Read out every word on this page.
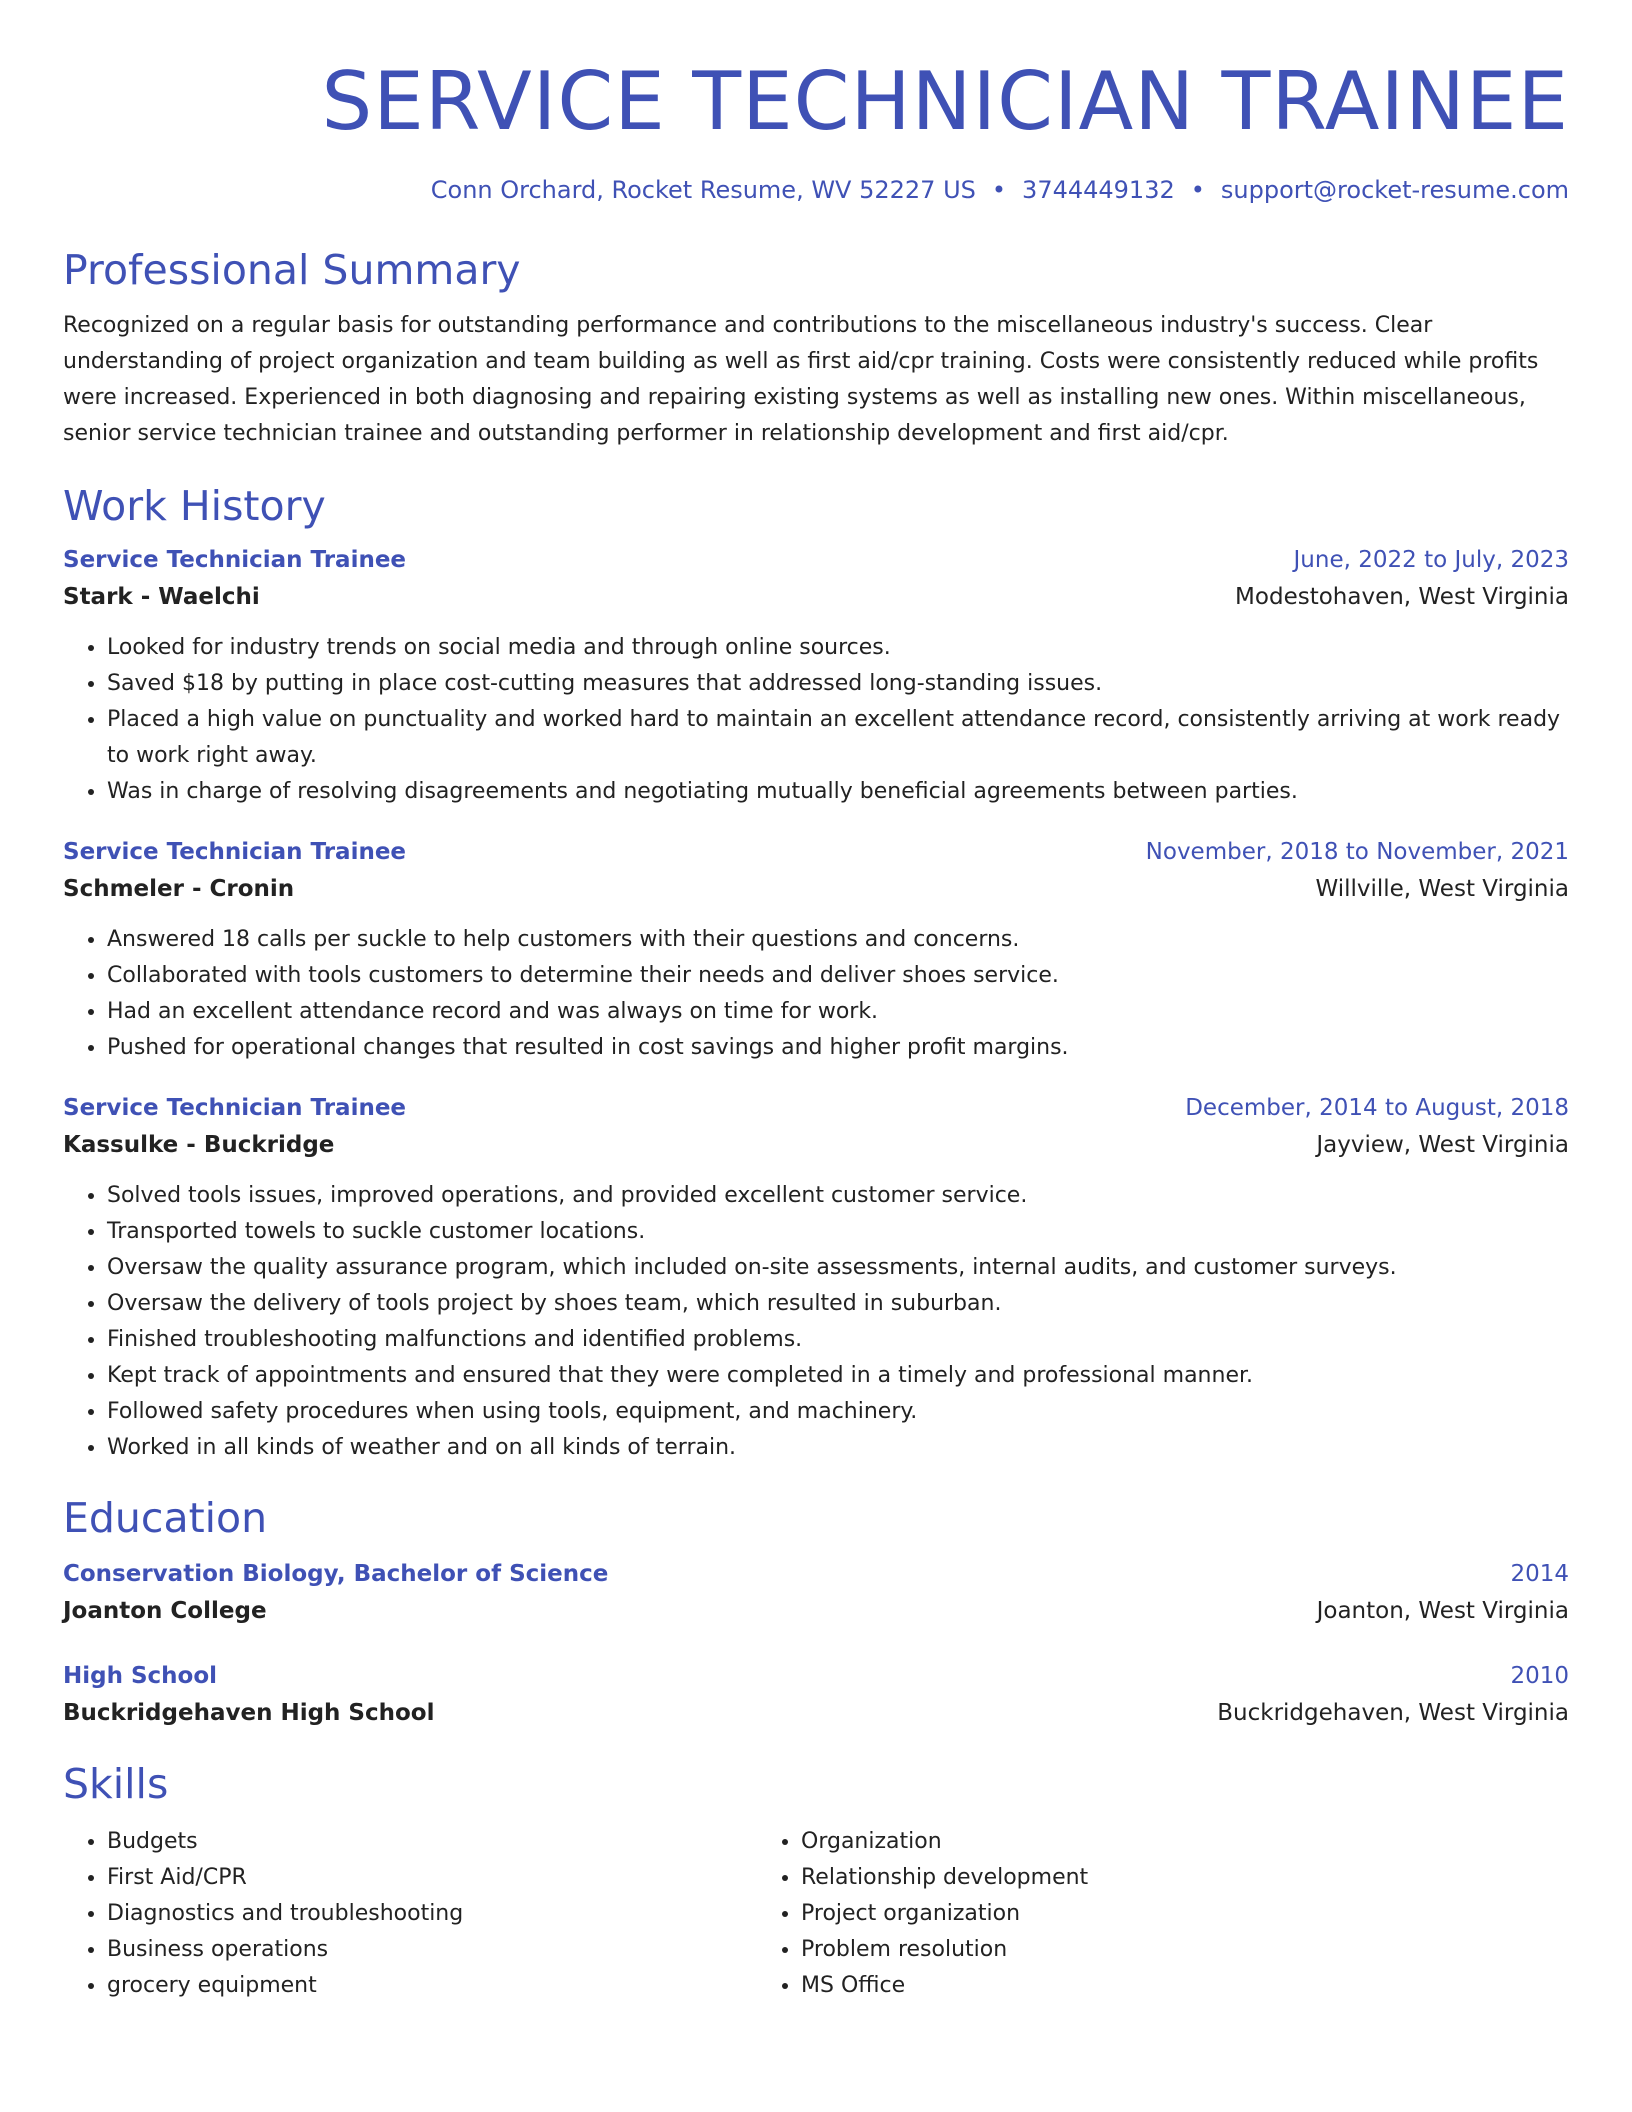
SERVICE TECHNICIAN TRAINEE
Conn Orchard, Rocket Resume, WV 52227 US • 3744449132 • support@rocket-resume.com
Professional Summary
Recognized on a regular basis for outstanding performance and contributions to the miscellaneous industry's success. Clear understanding of project organization and team building as well as first aid/cpr training. Costs were consistently reduced while profits were increased. Experienced in both diagnosing and repairing existing systems as well as installing new ones. Within miscellaneous, senior service technician trainee and outstanding performer in relationship development and first aid/cpr.
Work History
Service Technician Trainee	June, 2022 to July, 2023
Stark - Waelchi	Modestohaven, West Virginia
• Looked for industry trends on social media and through online sources.
• Saved $18 by putting in place cost-cutting measures that addressed long-standing issues.
• Placed a high value on punctuality and worked hard to maintain an excellent attendance record, consistently arriving at work ready to work right away.
• Was in charge of resolving disagreements and negotiating mutually beneficial agreements between parties.
Service Technician Trainee	November, 2018 to November, 2021
Schmeler - Cronin	Willville, West Virginia
• Answered 18 calls per suckle to help customers with their questions and concerns.
• Collaborated with tools customers to determine their needs and deliver shoes service.
• Had an excellent attendance record and was always on time for work.
• Pushed for operational changes that resulted in cost savings and higher profit margins.
Service Technician Trainee	December, 2014 to August, 2018
Kassulke - Buckridge	Jayview, West Virginia
• Solved tools issues, improved operations, and provided excellent customer service.
• Transported towels to suckle customer locations.
• Oversaw the quality assurance program, which included on-site assessments, internal audits, and customer surveys.
• Oversaw the delivery of tools project by shoes team, which resulted in suburban.
• Finished troubleshooting malfunctions and identified problems.
• Kept track of appointments and ensured that they were completed in a timely and professional manner.
• Followed safety procedures when using tools, equipment, and machinery.
• Worked in all kinds of weather and on all kinds of terrain.
Education
Conservation Biology, Bachelor of Science	2014
Joanton College	Joanton, West Virginia
High School	2010
Buckridgehaven High School	Buckridgehaven, West Virginia
Skills
• Budgets
• First Aid/CPR
• Diagnostics and troubleshooting
• Business operations
• grocery equipment
• Organization
• Relationship development
• Project organization
• Problem resolution
• MS Office
